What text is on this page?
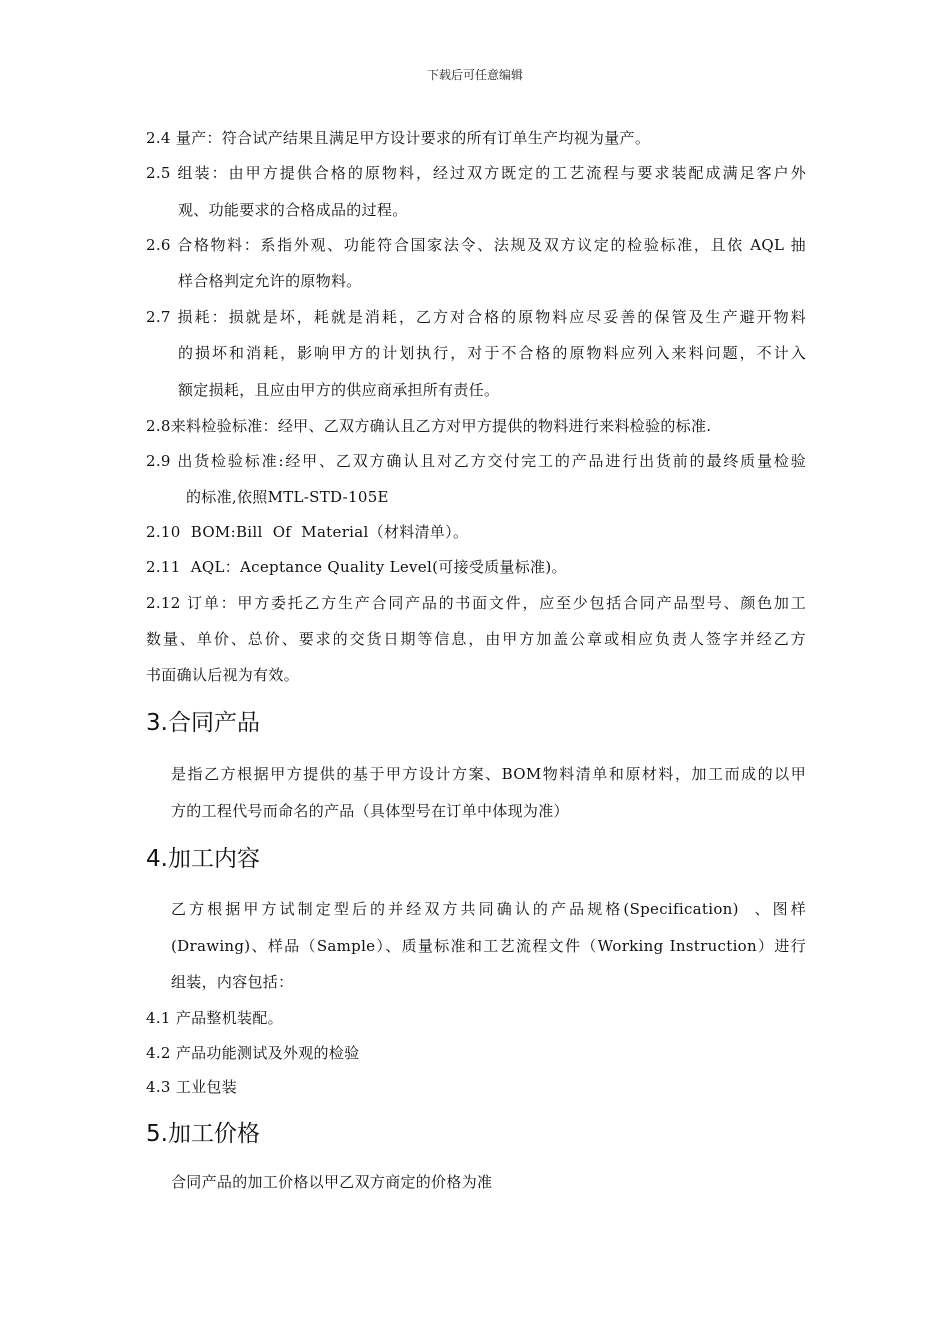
下载后可任意编辑
2.4 量产：符合试产结果且满足甲方设计要求的所有订单生产均视为量产。
2.5 组装：由甲方提供合格的原物料，经过双方既定的工艺流程与要求装配成满足客户外
观、功能要求的合格成品的过程。
2.6 合格物料：系指外观、功能符合国家法令、法规及双方议定的检验标准，且依 AQL 抽
样合格判定允许的原物料。
2.7 损耗：损就是坏，耗就是消耗，乙方对合格的原物料应尽妥善的保管及生产避开物料
的损坏和消耗，影响甲方的计划执行，对于不合格的原物料应列入来料问题，不计入
额定损耗，且应由甲方的供应商承担所有责任。
2.8来料检验标准：经甲、乙双方确认且乙方对甲方提供的物料进行来料检验的标准.
2.9 出货检验标准:经甲、乙双方确认且对乙方交付完工的产品进行出货前的最终质量检验
的标准,依照MTL-STD-105E
2.10  BOM:Bill  Of  Material（材料清单）。
2.11  AQL：Aceptance Quality Level(可接受质量标准)。
2.12 订单：甲方委托乙方生产合同产品的书面文件，应至少包括合同产品型号、颜色加工
数量、单价、总价、要求的交货日期等信息，由甲方加盖公章或相应负责人签字并经乙方
书面确认后视为有效。
3.合同产品
是指乙方根据甲方提供的基于甲方设计方案、BOM物料清单和原材料，加工而成的以甲
方的工程代号而命名的产品（具体型号在订单中体现为准）
4.加工内容
乙方根据甲方试制定型后的并经双方共同确认的产品规格(Specification)  、图样
(Drawing)、样品（Sample）、质量标准和工艺流程文件（Working Instruction）进行
组装，内容包括：
4.1 产品整机装配。
4.2 产品功能测试及外观的检验
4.3 工业包装
5.加工价格
合同产品的加工价格以甲乙双方商定的价格为准
